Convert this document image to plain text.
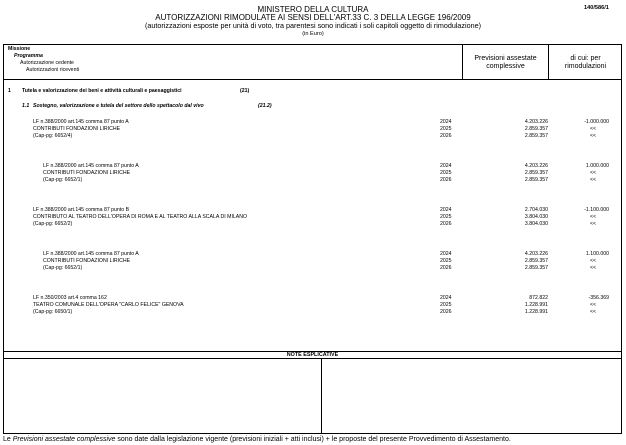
MINISTERO DELLA CULTURA
AUTORIZZAZIONI RIMODULATE AI SENSI DELL'ART.33 C. 3 DELLA LEGGE 196/2009
(autorizzazioni esposte per unità di voto, tra parentesi sono indicati i soli capitoli oggetto di rimodulazione)
(in Euro)
140/586/1
Missione
Programma
Autorizzazione cedente
Autorizzazioni riceventi
Previsioni assestate
complessive
di cui: per
rimodulazioni
1 Tutela e valorizzazione dei beni e attività culturali e paesaggistici	(21)
1.1 Sostegno, valorizzazione e tutela del settore dello spettacolo dal vivo	(21.2)
LF n.388/2000 art.145 comma 87 punto A
CONTRIBUTI FONDAZIONI LIRICHE
(Cap-pg: 6652/4)
2024
2025
2026
4.203.226
2.859.357
2.859.357
-1.000.000
<<
<<
LF n.388/2000 art.145 comma 87 punto A
CONTRIBUTI FONDAZIONI LIRICHE
(Cap-pg: 6652/1)
2024
2025
2026
4.203.226
2.859.357
2.859.357
1.000.000
<<
<<
LF n.388/2000 art.145 comma 87 punto B
CONTRIBUTO AL TEATRO DELL'OPERA DI ROMA E AL TEATRO ALLA SCALA DI MILANO
(Cap-pg: 6652/2)
2024
2025
2026
2.704.030
3.804.030
3.804.030
-1.100.000
<<
<<
LF n.388/2000 art.145 comma 87 punto A
CONTRIBUTI FONDAZIONI LIRICHE
(Cap-pg: 6652/1)
2024
2025
2026
4.203.226
2.859.357
2.859.357
1.100.000
<<
<<
LF n.350/2003 art.4 comma 162
TEATRO COMUNALE DELL'OPERA "CARLO FELICE" GENOVA
(Cap-pg: 6650/1)
2024
2025
2026
872.822
1.228.991
1.228.991
-356.369
<<
<<
NOTE ESPLICATIVE
Le Previsioni assestate complessive sono date dalla legislazione vigente (previsioni iniziali + atti inclusi) + le proposte del presente Provvedimento di Assestamento.
